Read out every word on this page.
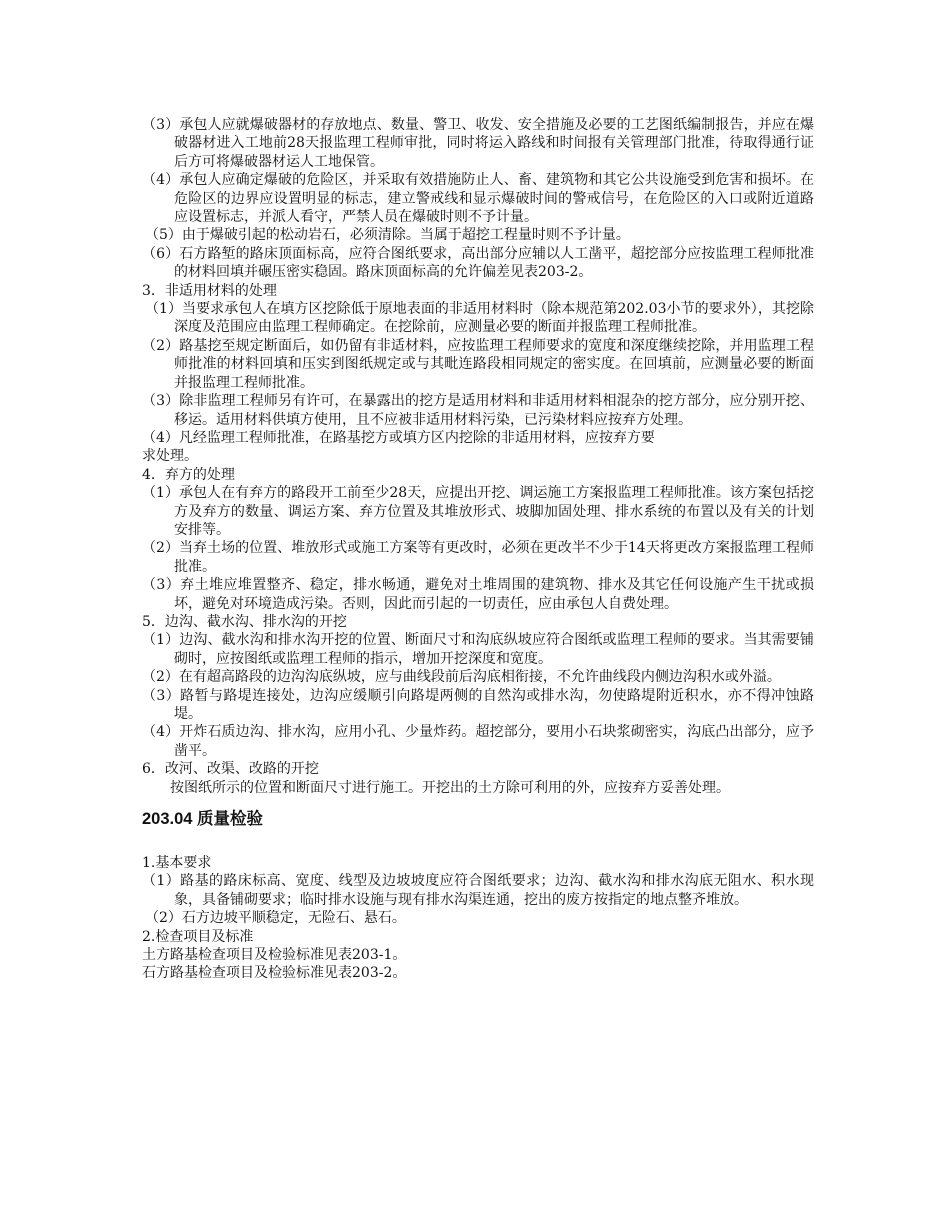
（3）承包人应就爆破器材的存放地点、数量、警卫、收发、安全措施及必要的工艺图纸编制报告，并应在爆破器材进入工地前28天报监理工程师审批，同时将运入路线和时间报有关管理部门批准，待取得通行证后方可将爆破器材运人工地保管。

（4）承包人应确定爆破的危险区，并采取有效措施防止人、畜、建筑物和其它公共设施受到危害和损坏。在危险区的边界应设置明显的标志，建立警戒线和显示爆破时间的警戒信号，在危险区的入口或附近道路应设置标志，并派人看守，严禁人员在爆破时则不予计量。

（5）由于爆破引起的松动岩石，必须清除。当属于超挖工程量时则不予计量。

（6）石方路堑的路床顶面标高，应符合图纸要求，高出部分应辅以人工凿平，超挖部分应按监理工程师批准的材料回填并碾压密实稳固。路床顶面标高的允许偏差见表203-2。

3．非适用材料的处理

（1）当要求承包人在填方区挖除低于原地表面的非适用材料时（除本规范第202.03小节的要求外），其挖除深度及范围应由监理工程师确定。在挖除前，应测量必要的断面并报监理工程师批准。

（2）路基挖至规定断面后，如仍留有非适材料，应按监理工程师要求的宽度和深度继续挖除，并用监理工程师批准的材料回填和压实到图纸规定或与其毗连路段相同规定的密实度。在回填前，应测量必要的断面并报监理工程师批准。

（3）除非监理工程师另有许可，在暴露出的挖方是适用材料和非适用材料相混杂的挖方部分，应分别开挖、移运。适用材料供填方使用，且不应被非适用材料污染，已污染材料应按弃方处理。

（4）凡经监理工程师批准，在路基挖方或填方区内挖除的非适用材料，应按弃方要

求处理。

4．弃方的处理

（1）承包人在有弃方的路段开工前至少28天，应提出开挖、调运施工方案报监理工程师批准。该方案包括挖方及弃方的数量、调运方案、弃方位置及其堆放形式、坡脚加固处理、排水系统的布置以及有关的计划安排等。

（2）当弃土场的位置、堆放形式或施工方案等有更改时，必须在更改半不少于14天将更改方案报监理工程师批准。

（3）弃土堆应堆置整齐、稳定，排水畅通，避免对土堆周围的建筑物、排水及其它任何设施产生干扰或损坏，避免对环境造成污染。否则，因此而引起的一切责任，应由承包人自费处理。

5．边沟、截水沟、排水沟的开挖

（1）边沟、截水沟和排水沟开挖的位置、断面尺寸和沟底纵坡应符合图纸或监理工程师的要求。当其需要铺砌时，应按图纸或监理工程师的指示，增加开挖深度和宽度。

（2）在有超高路段的边沟沟底纵坡，应与曲线段前后沟底相衔接，不允许曲线段内侧边沟积水或外溢。

（3）路暂与路堤连接处，边沟应缓顺引向路堤两侧的自然沟或排水沟，勿使路堤附近积水，亦不得冲蚀路堤。

（4）开炸石质边沟、排水沟，应用小孔、少量炸药。超挖部分，要用小石块浆砌密实，沟底凸出部分，应予凿平。

6．改河、改渠、改路的开挖

按图纸所示的位置和断面尺寸进行施工。开挖出的土方除可利用的外，应按弃方妥善处理。

203.04 质量检验

1.基本要求

（1）路基的路床标高、宽度、线型及边坡坡度应符合图纸要求；边沟、截水沟和排水沟底无阻水、积水现象，具备铺砌要求；临时排水设施与现有排水沟渠连通，挖出的废方按指定的地点整齐堆放。

（2）石方边坡平顺稳定，无险石、悬石。

2.检查项目及标准

土方路基检查项目及检验标准见表203-1。

石方路基检查项目及检验标准见表203-2。
